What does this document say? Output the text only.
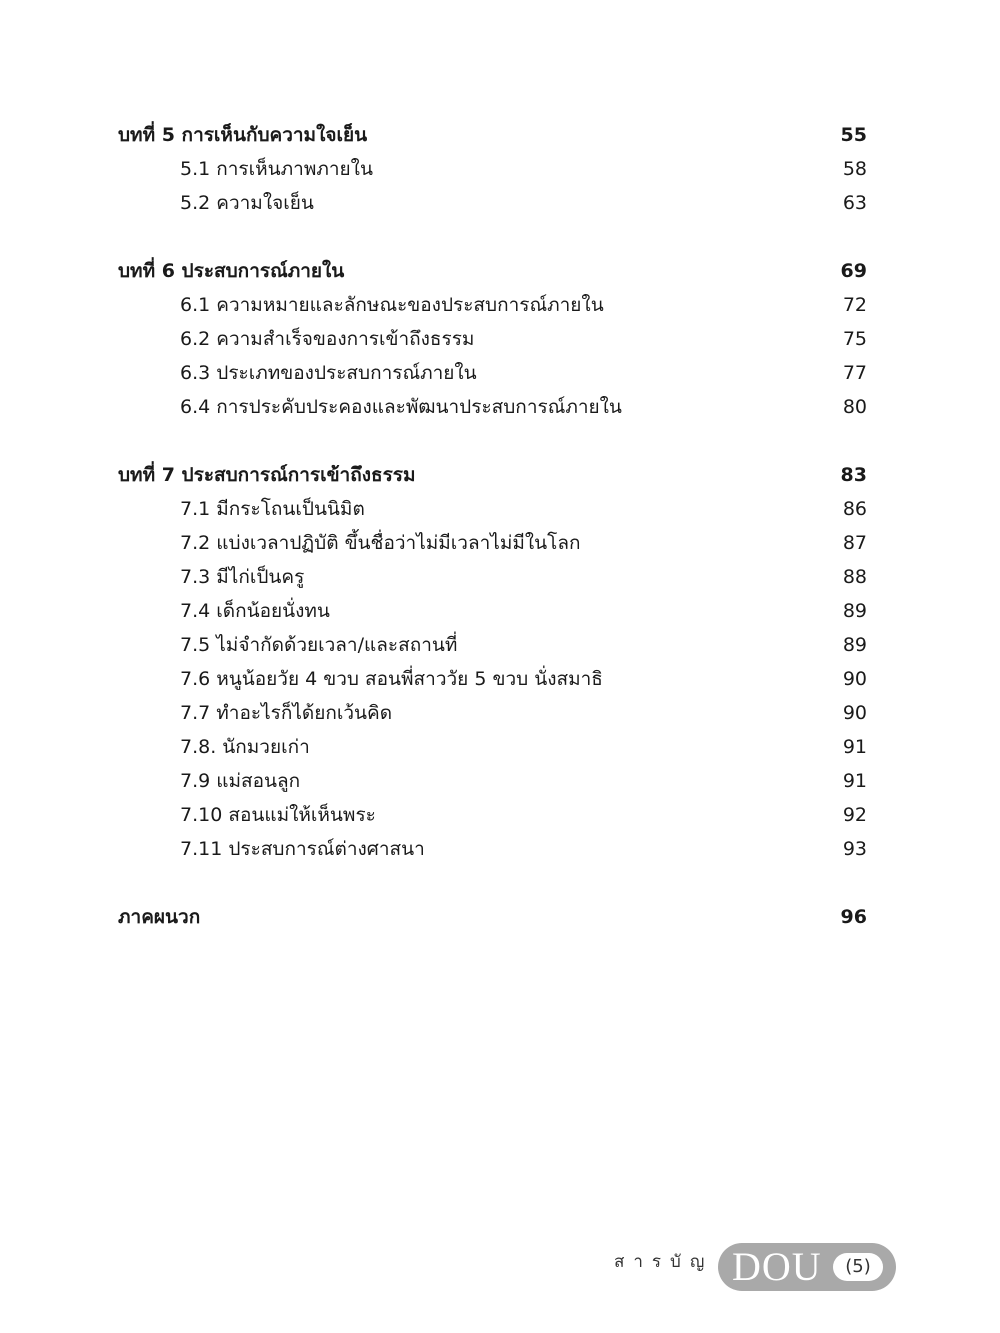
บทที่ 5 การเห็นกับความใจเย็น	55
5.1 การเห็นภาพภายใน	58
5.2 ความใจเย็น	63
บทที่ 6 ประสบการณ์ภายใน	69
6.1 ความหมายและลักษณะของประสบการณ์ภายใน	72
6.2 ความสำเร็จของการเข้าถึงธรรม	75
6.3 ประเภทของประสบการณ์ภายใน	77
6.4 การประคับประคองและพัฒนาประสบการณ์ภายใน	80
บทที่ 7 ประสบการณ์การเข้าถึงธรรม	83
7.1 มีกระโถนเป็นนิมิต	86
7.2 แบ่งเวลาปฏิบัติ ขึ้นชื่อว่าไม่มีเวลาไม่มีในโลก	87
7.3 มีไก่เป็นครู	88
7.4 เด็กน้อยนั่งทน	89
7.5 ไม่จำกัดด้วยเวลา/และสถานที่	89
7.6 หนูน้อยวัย 4 ขวบ สอนพี่สาววัย 5 ขวบ นั่งสมาธิ	90
7.7 ทำอะไรก็ได้ยกเว้นคิด	90
7.8. นักมวยเก่า	91
7.9 แม่สอนลูก	91
7.10 สอนแม่ให้เห็นพระ	92
7.11 ประสบการณ์ต่างศาสนา	93
ภาคผนวก	96
สารบัญ DOU	(5)
